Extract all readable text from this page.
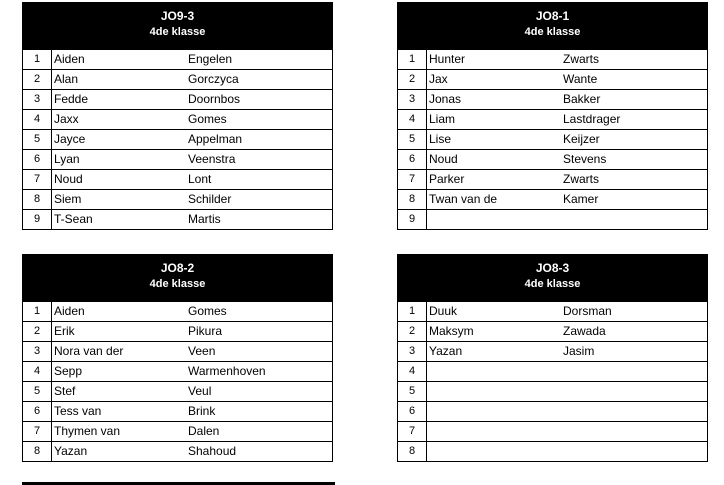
JO9-3
4de klasse
1	Aiden	Engelen
2	Alan	Gorczyca
3	Fedde	Doornbos
4	Jaxx	Gomes
5	Jayce	Appelman
6	Lyan	Veenstra
7	Noud	Lont
8	Siem	Schilder
9	T-Sean	Martis
JO8-1
4de klasse
1	Hunter	Zwarts
2	Jax	Wante
3	Jonas	Bakker
4	Liam	Lastdrager
5	Lise	Keijzer
6	Noud	Stevens
7	Parker	Zwarts
8	Twan van de	Kamer
9		
JO8-2
4de klasse
1	Aiden	Gomes
2	Erik	Pikura
3	Nora van der	Veen
4	Sepp	Warmenhoven
5	Stef	Veul
6	Tess van	Brink
7	Thymen van	Dalen
8	Yazan	Shahoud
JO8-3
4de klasse
1	Duuk	Dorsman
2	Maksym	Zawada
3	Yazan	Jasim
4		
5		
6		
7		
8		
